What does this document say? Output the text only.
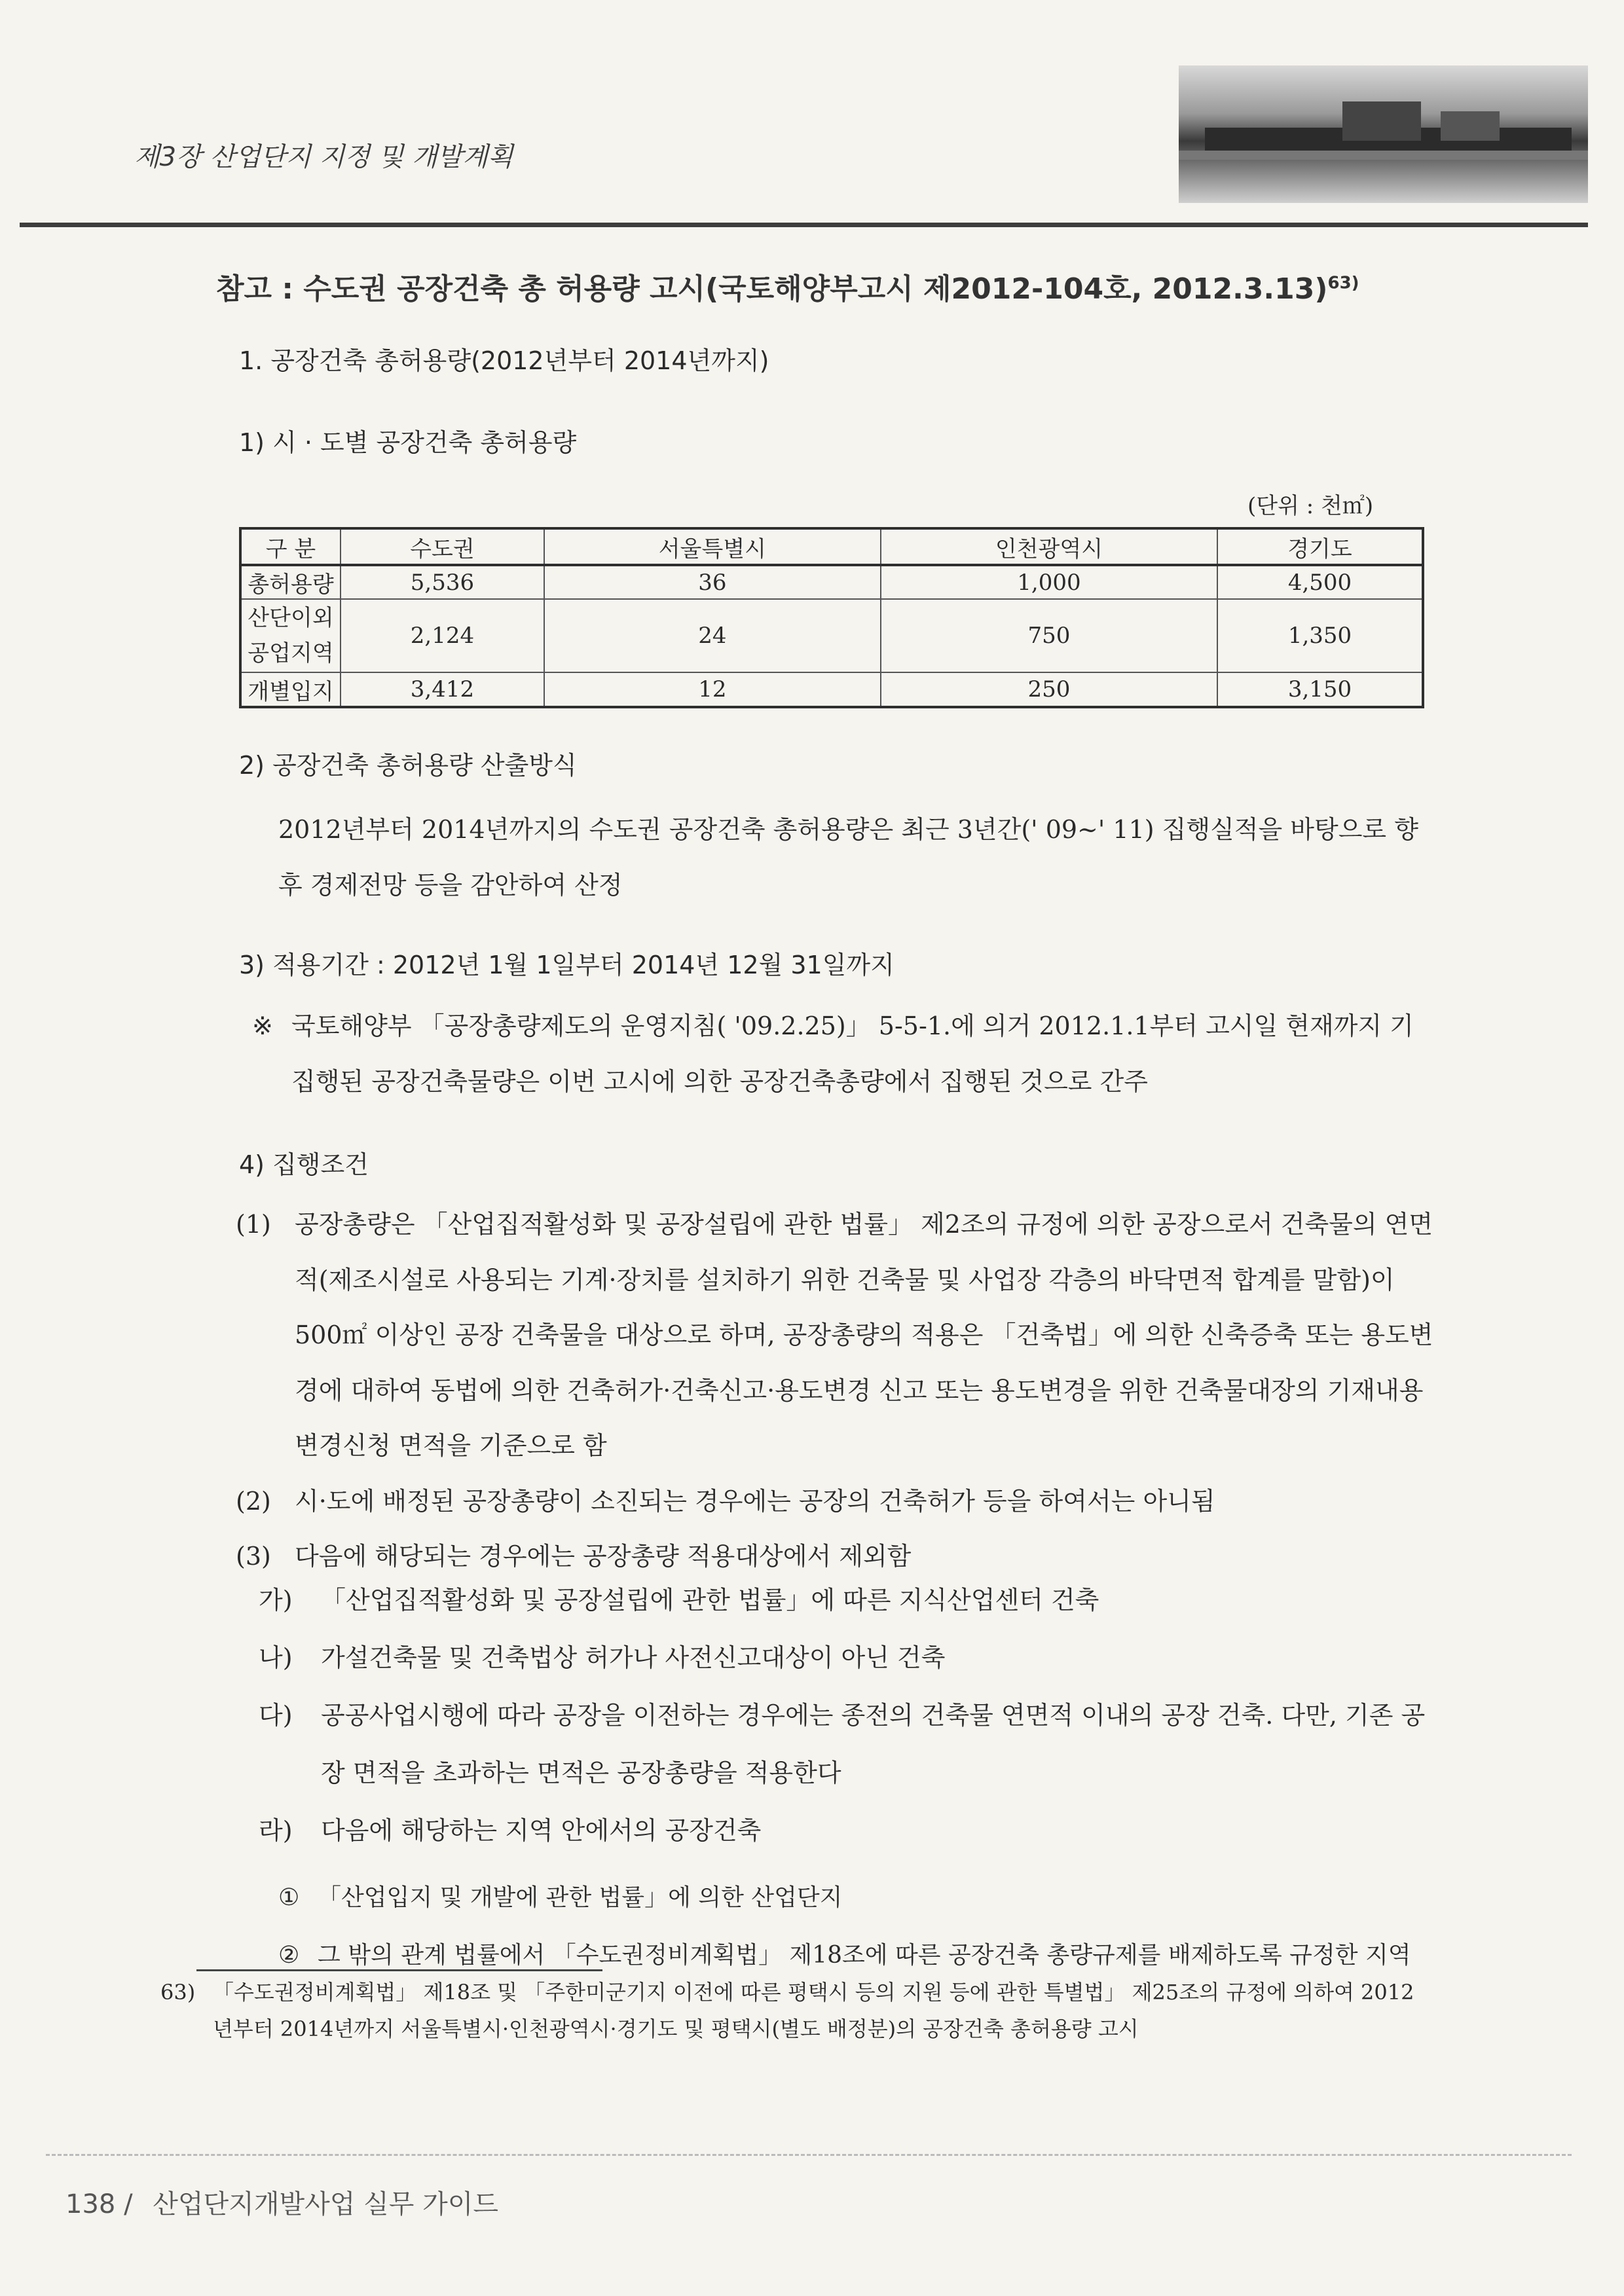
제3장 산업단지 지정 및 개발계획
참고 : 수도권 공장건축 총 허용량 고시(국토해양부고시 제2012-104호, 2012.3.13)$^{63)}$
1. 공장건축 총허용량(2012년부터 2014년까지)
1) 시 · 도별 공장건축 총허용량
(단위 : 천㎡)
구 분	수도권	서울특별시	인천광역시	경기도
총허용량	5,536	36	1,000	4,500

산단이외
공업지역	2,124	24	750	1,350
개별입지	3,412	12	250	3,150
2) 공장건축 총허용량 산출방식
2012년부터 2014년까지의 수도권 공장건축 총허용량은 최근 3년간(' 09~' 11) 집행실적을 바탕으로 향후 경제전망 등을 감안하여 산정
3) 적용기간 : 2012년 1월 1일부터 2014년 12월 31일까지
※ 국토해양부 「공장총량제도의 운영지침( '09.2.25)」 5-5-1.에 의거 2012.1.1부터 고시일 현재까지 기집행된 공장건축물량은 이번 고시에 의한 공장건축총량에서 집행된 것으로 간주
4) 집행조건
(1) 공장총량은 「산업집적활성화 및 공장설립에 관한 법률」 제2조의 규정에 의한 공장으로서 건축물의 연면적(제조시설로 사용되는 기계·장치를 설치하기 위한 건축물 및 사업장 각층의 바닥면적 합계를 말함)이 500㎡ 이상인 공장 건축물을 대상으로 하며, 공장총량의 적용은 「건축법」에 의한 신축증축 또는 용도변경에 대하여 동법에 의한 건축허가·건축신고·용도변경 신고 또는 용도변경을 위한 건축물대장의 기재내용 변경신청 면적을 기준으로 함
(2) 시·도에 배정된 공장총량이 소진되는 경우에는 공장의 건축허가 등을 하여서는 아니됨
(3) 다음에 해당되는 경우에는 공장총량 적용대상에서 제외함
가)	「산업집적활성화 및 공장설립에 관한 법률」에 따른 지식산업센터 건축
나)	가설건축물 및 건축법상 허가나 사전신고대상이 아닌 건축
다)	공공사업시행에 따라 공장을 이전하는 경우에는 종전의 건축물 연면적 이내의 공장 건축. 다만, 기존 공장 면적을 초과하는 면적은 공장총량을 적용한다
라)	다음에 해당하는 지역 안에서의 공장건축
① 「산업입지 및 개발에 관한 법률」에 의한 산업단지
② 그 밖의 관계 법률에서 「수도권정비계획법」 제18조에 따른 공장건축 총량규제를 배제하도록 규정한 지역
63) 「수도권정비계획법」 제18조 및 「주한미군기지 이전에 따른 평택시 등의 지원 등에 관한 특별법」 제25조의 규정에 의하여 2012년부터 2014년까지 서울특별시·인천광역시·경기도 및 평택시(별도 배정분)의 공장건축 총허용량 고시
138 / 산업단지개발사업 실무 가이드
